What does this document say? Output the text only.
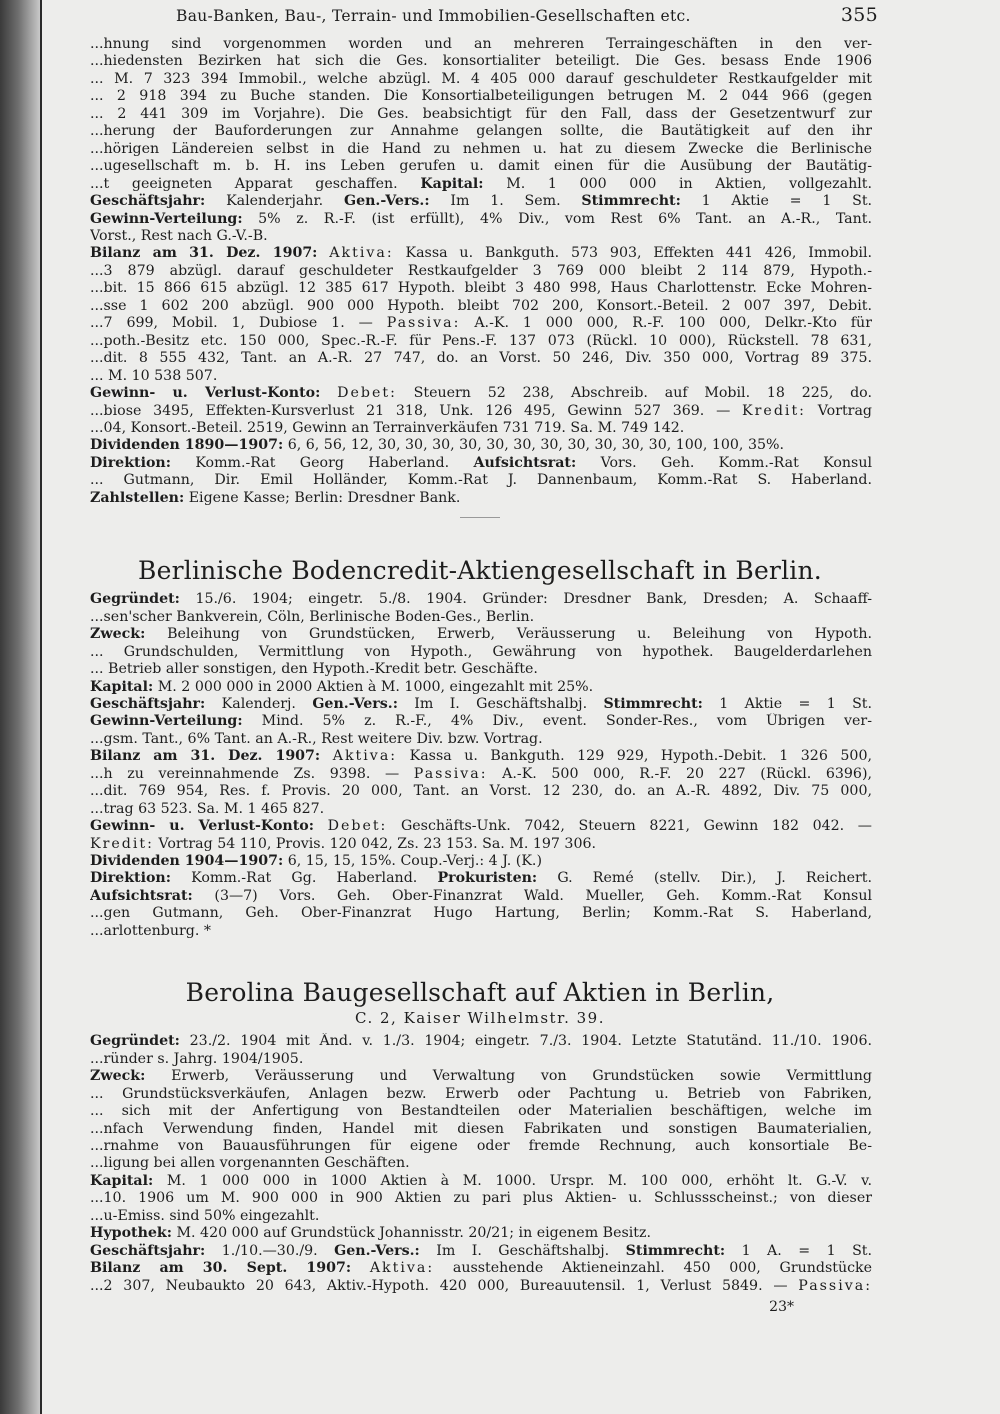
Bau-Banken, Bau-, Terrain- und Immobilien-Gesellschaften etc.	355
...hnung sind vorgenommen worden und an mehreren Terraingeschäften in den ver-
...hiedensten Bezirken hat sich die Ges. konsortialiter beteiligt. Die Ges. besass Ende 1906
... M. 7 323 394 Immobil., welche abzügl. M. 4 405 000 darauf geschuldeter Restkaufgelder mit
... 2 918 394 zu Buche standen. Die Konsortialbeteiligungen betrugen M. 2 044 966 (gegen
... 2 441 309 im Vorjahre). Die Ges. beabsichtigt für den Fall, dass der Gesetzentwurf zur
...herung der Bauforderungen zur Annahme gelangen sollte, die Bautätigkeit auf den ihr
...hörigen Ländereien selbst in die Hand zu nehmen u. hat zu diesem Zwecke die Berlinische
...ugesellschaft m. b. H. ins Leben gerufen u. damit einen für die Ausübung der Bautätig-
...t geeigneten Apparat geschaffen. Kapital: M. 1 000 000 in Aktien, vollgezahlt.
Geschäftsjahr: Kalenderjahr. Gen.-Vers.: Im 1. Sem. Stimmrecht: 1 Aktie = 1 St.
Gewinn-Verteilung: 5% z. R.-F. (ist erfüllt), 4% Div., vom Rest 6% Tant. an A.-R., Tant.
Vorst., Rest nach G.-V.-B.
Bilanz am 31. Dez. 1907: Aktiva: Kassa u. Bankguth. 573 903, Effekten 441 426, Immobil.
...3 879 abzügl. darauf geschuldeter Restkaufgelder 3 769 000 bleibt 2 114 879, Hypoth.-
...bit. 15 866 615 abzügl. 12 385 617 Hypoth. bleibt 3 480 998, Haus Charlottenstr. Ecke Mohren-
...sse 1 602 200 abzügl. 900 000 Hypoth. bleibt 702 200, Konsort.-Beteil. 2 007 397, Debit.
...7 699, Mobil. 1, Dubiose 1. — Passiva: A.-K. 1 000 000, R.-F. 100 000, Delkr.-Kto für
...poth.-Besitz etc. 150 000, Spec.-R.-F. für Pens.-F. 137 073 (Rückl. 10 000), Rückstell. 78 631,
...dit. 8 555 432, Tant. an A.-R. 27 747, do. an Vorst. 50 246, Div. 350 000, Vortrag 89 375.
... M. 10 538 507.
Gewinn- u. Verlust-Konto: Debet: Steuern 52 238, Abschreib. auf Mobil. 18 225, do.
...biose 3495, Effekten-Kursverlust 21 318, Unk. 126 495, Gewinn 527 369. — Kredit: Vortrag
...04, Konsort.-Beteil. 2519, Gewinn an Terrainverkäufen 731 719. Sa. M. 749 142.
Dividenden 1890—1907: 6, 6, 56, 12, 30, 30, 30, 30, 30, 30, 30, 30, 30, 30, 30, 100, 100, 35%.
Direktion: Komm.-Rat Georg Haberland. Aufsichtsrat: Vors. Geh. Komm.-Rat Konsul
... Gutmann, Dir. Emil Holländer, Komm.-Rat J. Dannenbaum, Komm.-Rat S. Haberland.
Zahlstellen: Eigene Kasse; Berlin: Dresdner Bank.
Berlinische Bodencredit-Aktiengesellschaft in Berlin.
Gegründet: 15./6. 1904; eingetr. 5./8. 1904. Gründer: Dresdner Bank, Dresden; A. Schaaff-
...sen'scher Bankverein, Cöln, Berlinische Boden-Ges., Berlin.
Zweck: Beleihung von Grundstücken, Erwerb, Veräusserung u. Beleihung von Hypoth.
... Grundschulden, Vermittlung von Hypoth., Gewährung von hypothek. Baugelderdarlehen
... Betrieb aller sonstigen, den Hypoth.-Kredit betr. Geschäfte.
Kapital: M. 2 000 000 in 2000 Aktien à M. 1000, eingezahlt mit 25%.
Geschäftsjahr: Kalenderj. Gen.-Vers.: Im I. Geschäftshalbj. Stimmrecht: 1 Aktie = 1 St.
Gewinn-Verteilung: Mind. 5% z. R.-F., 4% Div., event. Sonder-Res., vom Übrigen ver-
...gsm. Tant., 6% Tant. an A.-R., Rest weitere Div. bzw. Vortrag.
Bilanz am 31. Dez. 1907: Aktiva: Kassa u. Bankguth. 129 929, Hypoth.-Debit. 1 326 500,
...h zu vereinnahmende Zs. 9398. — Passiva: A.-K. 500 000, R.-F. 20 227 (Rückl. 6396),
...dit. 769 954, Res. f. Provis. 20 000, Tant. an Vorst. 12 230, do. an A.-R. 4892, Div. 75 000,
...trag 63 523. Sa. M. 1 465 827.
Gewinn- u. Verlust-Konto: Debet: Geschäfts-Unk. 7042, Steuern 8221, Gewinn 182 042. —
Kredit: Vortrag 54 110, Provis. 120 042, Zs. 23 153. Sa. M. 197 306.
Dividenden 1904—1907: 6, 15, 15, 15%. Coup.-Verj.: 4 J. (K.)
Direktion: Komm.-Rat Gg. Haberland. Prokuristen: G. Remé (stellv. Dir.), J. Reichert.
Aufsichtsrat: (3—7) Vors. Geh. Ober-Finanzrat Wald. Mueller, Geh. Komm.-Rat Konsul
...gen Gutmann, Geh. Ober-Finanzrat Hugo Hartung, Berlin; Komm.-Rat S. Haberland,
...arlottenburg. *
Berolina Baugesellschaft auf Aktien in Berlin,
C. 2, Kaiser Wilhelmstr. 39.
Gegründet: 23./2. 1904 mit Änd. v. 1./3. 1904; eingetr. 7./3. 1904. Letzte Statutänd. 11./10. 1906.
...ründer s. Jahrg. 1904/1905.
Zweck: Erwerb, Veräusserung und Verwaltung von Grundstücken sowie Vermittlung
... Grundstücksverkäufen, Anlagen bezw. Erwerb oder Pachtung u. Betrieb von Fabriken,
... sich mit der Anfertigung von Bestandteilen oder Materialien beschäftigen, welche im
...nfach Verwendung finden, Handel mit diesen Fabrikaten und sonstigen Baumaterialien,
...rnahme von Bauausführungen für eigene oder fremde Rechnung, auch konsortiale Be-
...ligung bei allen vorgenannten Geschäften.
Kapital: M. 1 000 000 in 1000 Aktien à M. 1000. Urspr. M. 100 000, erhöht lt. G.-V. v.
...10. 1906 um M. 900 000 in 900 Aktien zu pari plus Aktien- u. Schlussscheinst.; von dieser
...u-Emiss. sind 50% eingezahlt.
Hypothek: M. 420 000 auf Grundstück Johannisstr. 20/21; in eigenem Besitz.
Geschäftsjahr: 1./10.—30./9. Gen.-Vers.: Im I. Geschäftshalbj. Stimmrecht: 1 A. = 1 St.
Bilanz am 30. Sept. 1907: Aktiva: ausstehende Aktieneinzahl. 450 000, Grundstücke
...2 307, Neubaukto 20 643, Aktiv.-Hypoth. 420 000, Bureauutensil. 1, Verlust 5849. — Passiva:
23*
